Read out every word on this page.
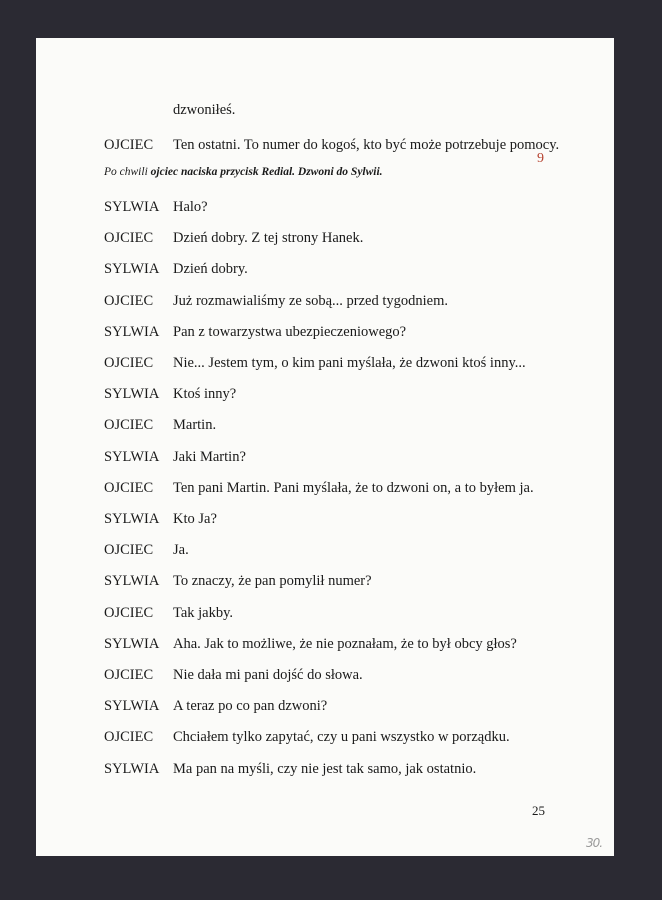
dzwoniłeś.
OJCIEC Ten ostatni. To numer do kogoś, kto być może potrzebuje pomocy.
9
Po chwili ojciec naciska przycisk Redial. Dzwoni do Sylwii.
SYLWIA Halo?
OJCIEC Dzień dobry. Z tej strony Hanek.
SYLWIA Dzień dobry.
OJCIEC Już rozmawialiśmy ze sobą... przed tygodniem.
SYLWIA Pan z towarzystwa ubezpieczeniowego?
OJCIEC Nie... Jestem tym, o kim pani myślała, że dzwoni ktoś inny...
SYLWIA Ktoś inny?
OJCIEC Martin.
SYLWIA Jaki Martin?
OJCIEC Ten pani Martin. Pani myślała, że to dzwoni on, a to byłem ja.
SYLWIA Kto Ja?
OJCIEC Ja.
SYLWIA To znaczy, że pan pomylił numer?
OJCIEC Tak jakby.
SYLWIA Aha. Jak to możliwe, że nie poznałam, że to był obcy głos?
OJCIEC Nie dała mi pani dojść do słowa.
SYLWIA A teraz po co pan dzwoni?
OJCIEC Chciałem tylko zapytać, czy u pani wszystko w porządku.
SYLWIA Ma pan na myśli, czy nie jest tak samo, jak ostatnio.
25
30.
